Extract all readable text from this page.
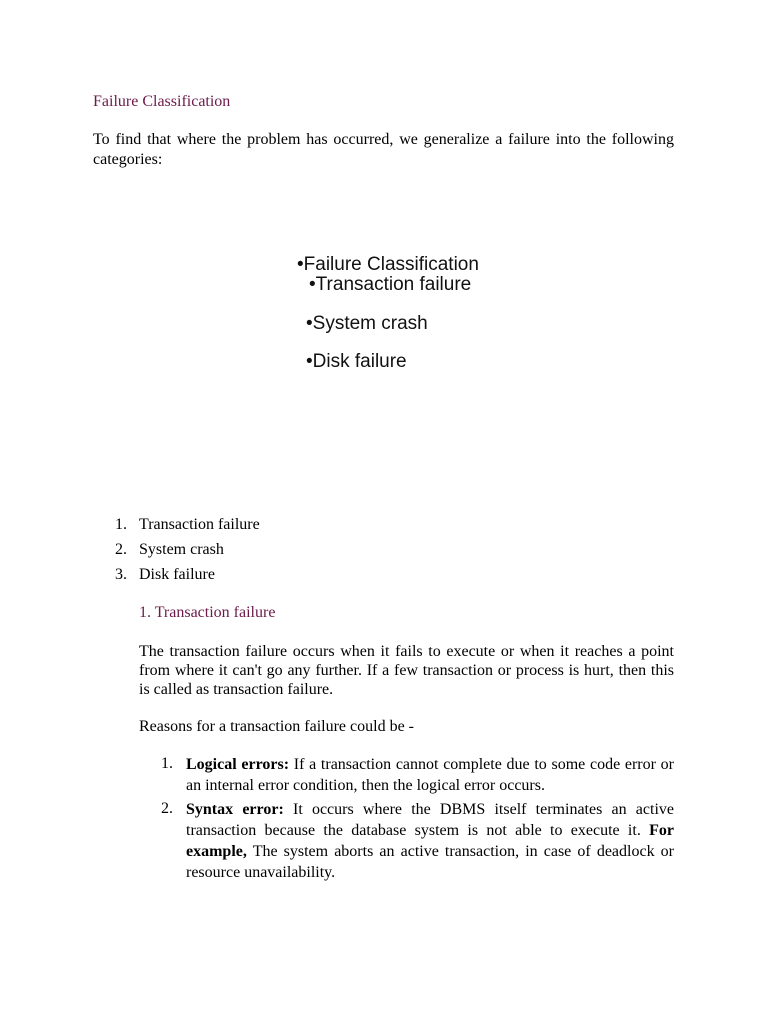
Failure Classification
To find that where the problem has occurred, we generalize a failure into the following categories:
•Failure Classification
•Transaction failure
•System crash
•Disk failure
1. Transaction failure
2. System crash
3. Disk failure
1. Transaction failure
The transaction failure occurs when it fails to execute or when it reaches a point from where it can't go any further. If a few transaction or process is hurt, then this is called as transaction failure.
Reasons for a transaction failure could be -
1. Logical errors: If a transaction cannot complete due to some code error or an internal error condition, then the logical error occurs.
2. Syntax error: It occurs where the DBMS itself terminates an active transaction because the database system is not able to execute it. For example, The system aborts an active transaction, in case of deadlock or resource unavailability.
